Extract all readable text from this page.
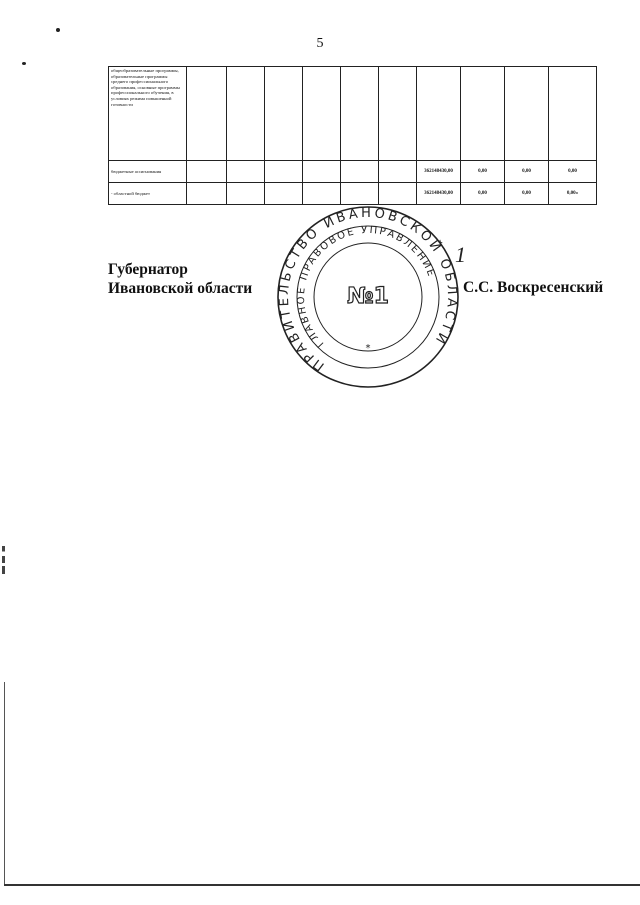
5
общеобразовательные программы, образовательные программы среднего профессионального образования, основные программы профессионального обучения, в условиях режима повышенной готовности										
бюджетные ассигнования							362148430,00	0,00	0,00	0,00
- областной бюджет							362148430,00	0,00	0,00	0,00»
Губернатор
Ивановской области
ПРАВИТЕЛЬСТВО ИВАНОВСКОЙ ОБЛАСТИ
ГЛАВНОЕ ПРАВОВОЕ УПРАВЛЕНИЕ
№1
*
1
С.С. Воскресенский
